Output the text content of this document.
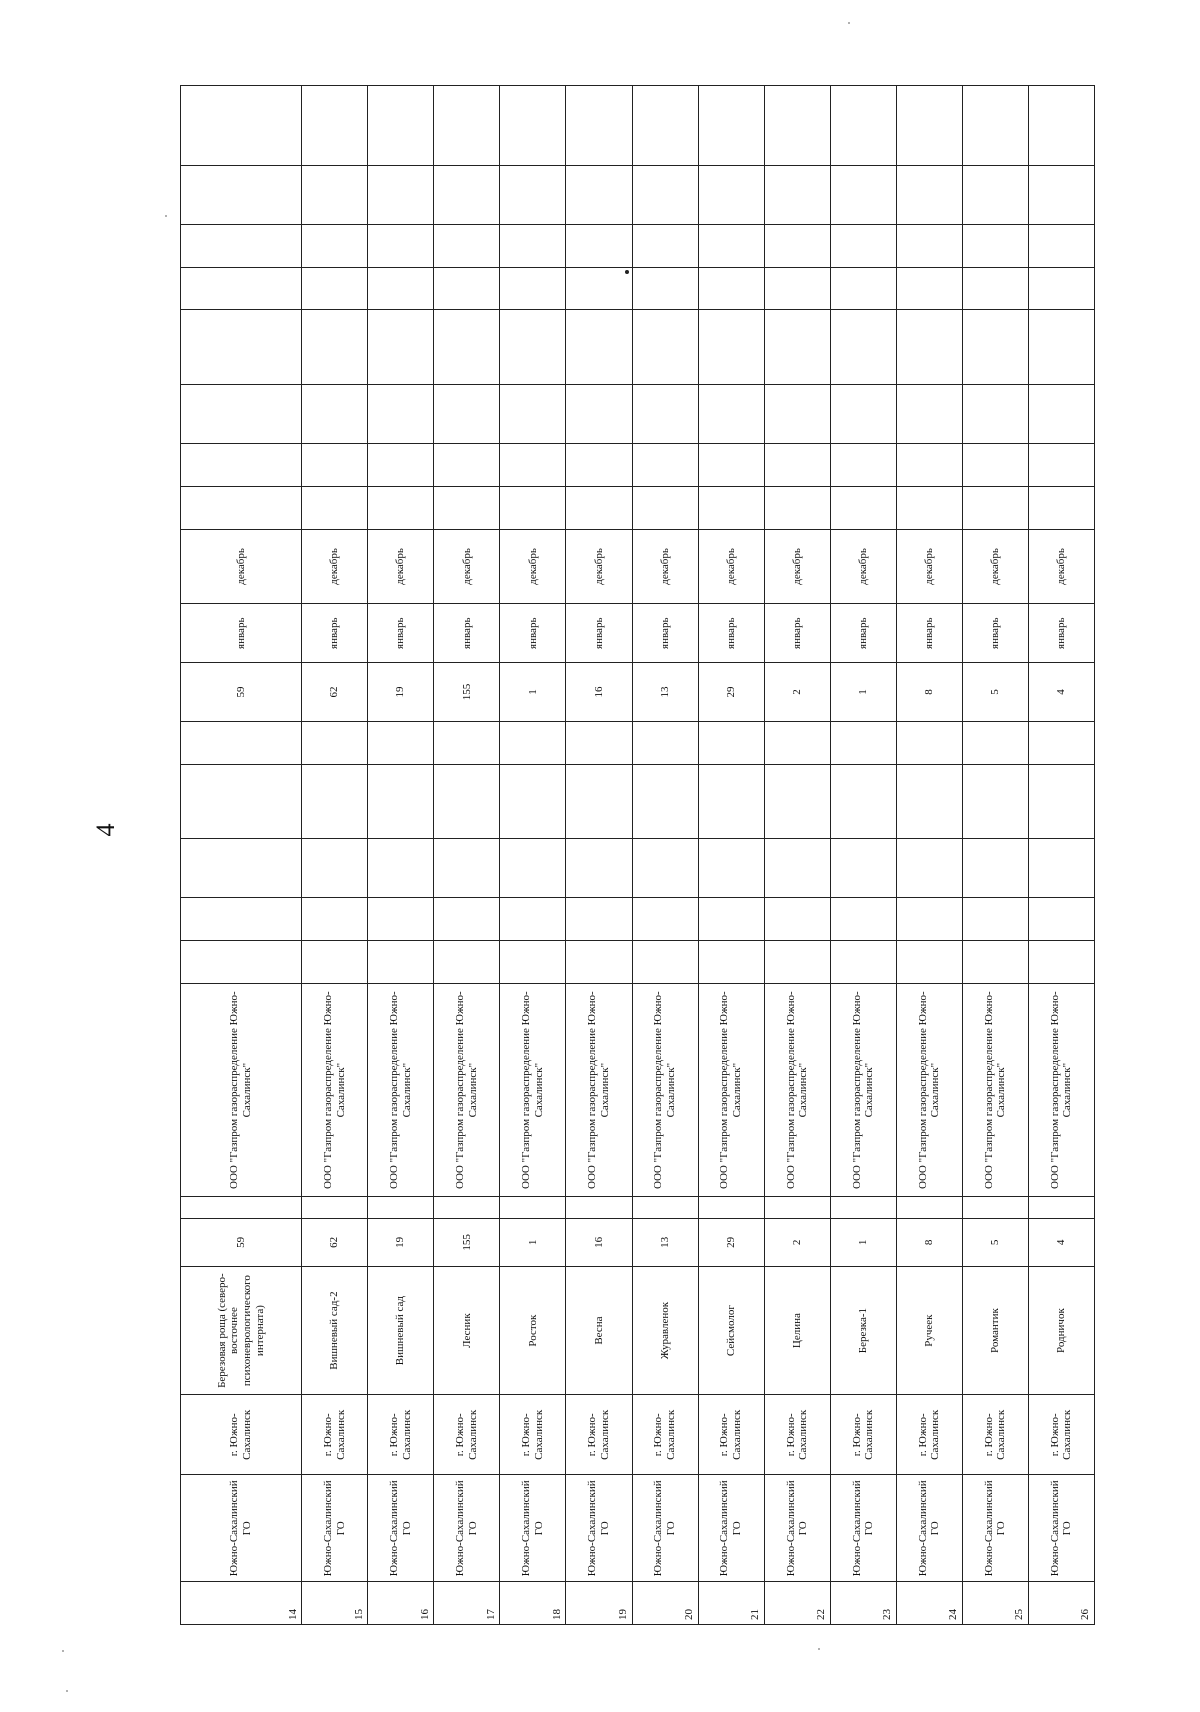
4
14	Южно-Сахалинский ГО	г. Южно-Сахалинск	Березовая роща (северо-восточнее психоневрологического интерната)	59		ООО "Газпром газораспределение Южно-Сахалинск"						59	январь	декабрь								
15	Южно-Сахалинский ГО	г. Южно-Сахалинск	Вишневый сад-2	62		ООО "Газпром газораспределение Южно-Сахалинск"						62	январь	декабрь								
16	Южно-Сахалинский ГО	г. Южно-Сахалинск	Вишневый сад	19		ООО "Газпром газораспределение Южно-Сахалинск"						19	январь	декабрь								
17	Южно-Сахалинский ГО	г. Южно-Сахалинск	Лесник	155		ООО "Газпром газораспределение Южно-Сахалинск"						155	январь	декабрь								
18	Южно-Сахалинский ГО	г. Южно-Сахалинск	Росток	1		ООО "Газпром газораспределение Южно-Сахалинск"						1	январь	декабрь								
19	Южно-Сахалинский ГО	г. Южно-Сахалинск	Весна	16		ООО "Газпром газораспределение Южно-Сахалинск"						16	январь	декабрь								
20	Южно-Сахалинский ГО	г. Южно-Сахалинск	Журавленок	13		ООО "Газпром газораспределение Южно-Сахалинск"						13	январь	декабрь								
21	Южно-Сахалинский ГО	г. Южно-Сахалинск	Сейсмолог	29		ООО "Газпром газораспределение Южно-Сахалинск"						29	январь	декабрь								
22	Южно-Сахалинский ГО	г. Южно-Сахалинск	Целина	2		ООО "Газпром газораспределение Южно-Сахалинск"						2	январь	декабрь								
23	Южно-Сахалинский ГО	г. Южно-Сахалинск	Березка-1	1		ООО "Газпром газораспределение Южно-Сахалинск"						1	январь	декабрь								
24	Южно-Сахалинский ГО	г. Южно-Сахалинск	Ручеек	8		ООО "Газпром газораспределение Южно-Сахалинск"						8	январь	декабрь								
25	Южно-Сахалинский ГО	г. Южно-Сахалинск	Романтик	5		ООО "Газпром газораспределение Южно-Сахалинск"						5	январь	декабрь								
26	Южно-Сахалинский ГО	г. Южно-Сахалинск	Родничок	4		ООО "Газпром газораспределение Южно-Сахалинск"						4	январь	декабрь								
